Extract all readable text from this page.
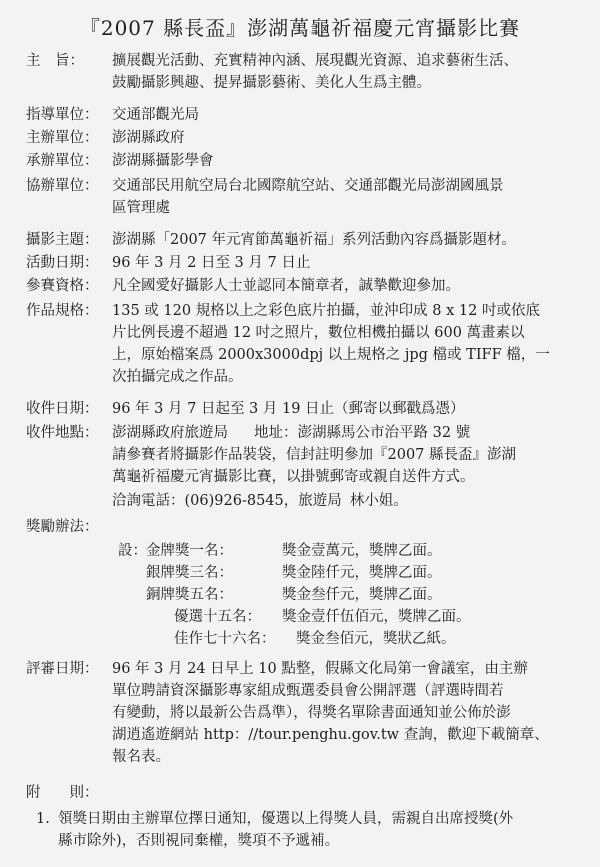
『2007 縣長盃』澎湖萬龜祈福慶元宵攝影比賽
主　旨： 擴展觀光活動、充實精神內涵、展現觀光資源、追求藝術生活、
鼓勵攝影興趣、提昇攝影藝術、美化人生爲主體。
指導單位： 交通部觀光局
主辦單位： 澎湖縣政府
承辦單位： 澎湖縣攝影學會
協辦單位： 交通部民用航空局台北國際航空站、交通部觀光局澎湖國風景
區管理處
攝影主題： 澎湖縣「2007 年元宵節萬龜祈福」系列活動內容爲攝影題材。
活動日期： 96 年 3 月 2 日至 3 月 7 日止
參賽資格： 凡全國愛好攝影人士並認同本簡章者，誠摯歡迎參加。
作品規格： 135 或 120 規格以上之彩色底片拍攝，並沖印成 8 x 12 吋或依底
片比例長邊不超過 12 吋之照片，數位相機拍攝以 600 萬畫素以
上，原始檔案爲 2000x3000dpj 以上規格之 jpg 檔或 TIFF 檔，一
次拍攝完成之作品。
收件日期： 96 年 3 月 7 日起至 3 月 19 日止（郵寄以郵戳爲憑）
收件地點： 澎湖縣政府旅遊局 地址：澎湖縣馬公市治平路 32 號
請參賽者將攝影作品裝袋，信封註明參加『2007 縣長盃』澎湖
萬龜祈福慶元宵攝影比賽，以掛號郵寄或親自送件方式。
洽詢電話：(06)926-8545，旅遊局 林小姐。
獎勵辦法：
設： 金牌獎一名：	獎金壹萬元，獎牌乙面。
銀牌獎三名：	獎金陸仟元，獎牌乙面。
銅牌獎五名：	獎金叁仟元，獎牌乙面。
優選十五名： 獎金壹仟伍佰元，獎牌乙面。
佳作七十六名： 獎金叁佰元，獎狀乙紙。
評審日期： 96 年 3 月 24 日早上 10 點整，假縣文化局第一會議室，由主辦
單位聘請資深攝影專家組成甄選委員會公開評選（評選時間若
有變動，將以最新公告爲準），得獎名單除書面通知並公佈於澎
湖逍遙遊網站 http：//tour.penghu.gov.tw 查詢，歡迎下載簡章、
報名表。
附　　則：
1. 領獎日期由主辦單位擇日通知，優選以上得獎人員，需親自出席授獎(外
縣市除外)，否則視同棄權，獎項不予遞補。
